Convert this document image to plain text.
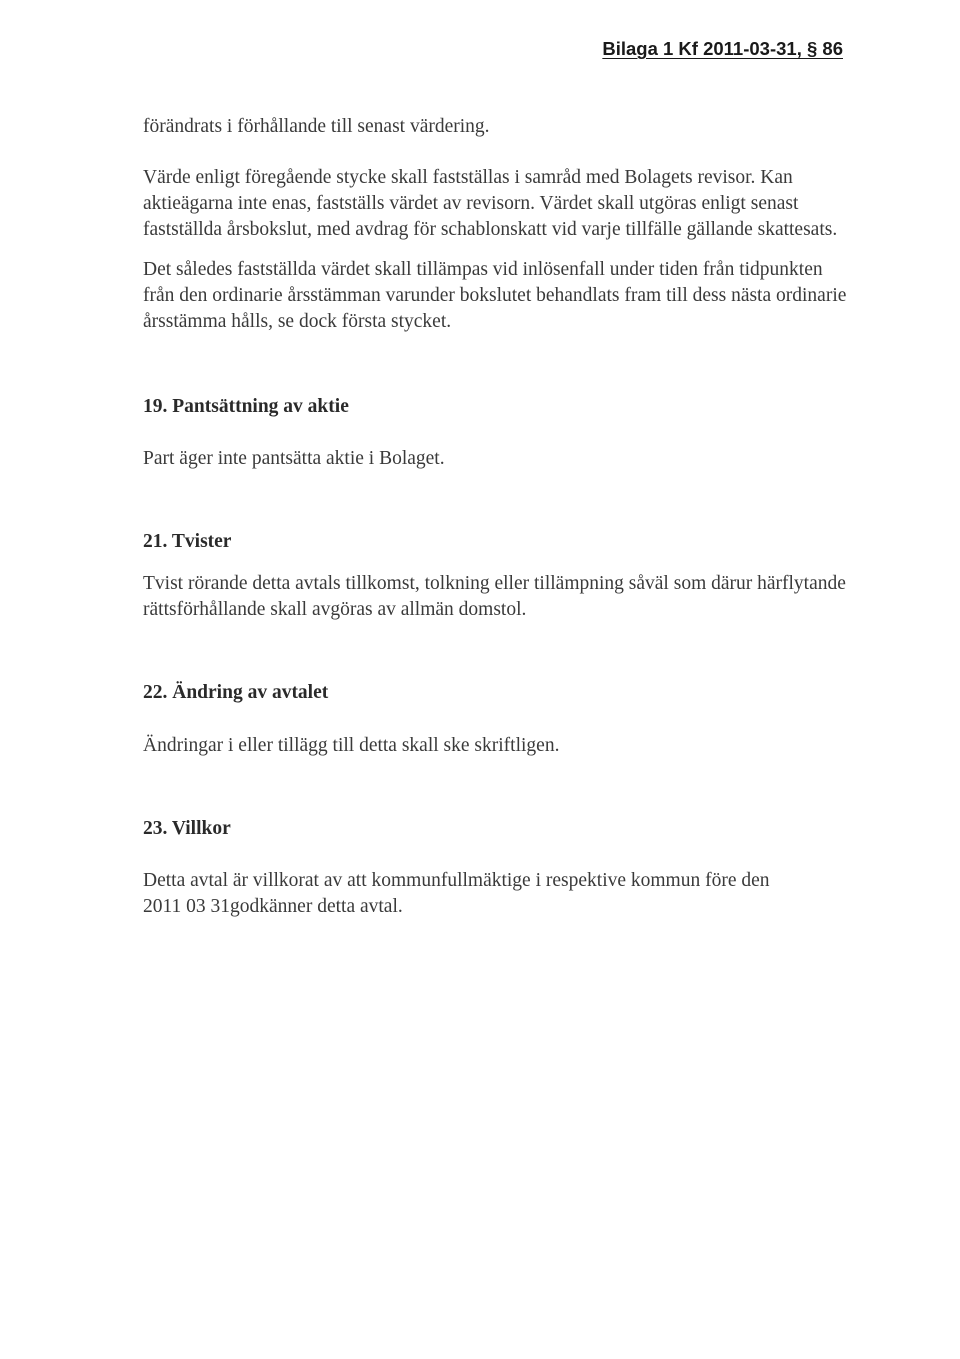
Bilaga 1 Kf 2011-03-31, § 86

förändrats i förhållande till senast värdering.

Värde enligt föregående stycke skall fastställas i samråd med Bolagets revisor. Kan
aktieägarna inte enas, fastställs värdet av revisorn. Värdet skall utgöras enligt senast
fastställda årsbokslut, med avdrag för schablonskatt vid varje tillfälle gällande skattesats.

Det således fastställda värdet skall tillämpas vid inlösenfall under tiden från tidpunkten
från den ordinarie årsstämman varunder bokslutet behandlats fram till dess nästa ordinarie
årsstämma hålls, se dock första stycket.

19. Pantsättning av aktie

Part äger inte pantsätta aktie i Bolaget.

21. Tvister

Tvist rörande detta avtals tillkomst, tolkning eller tillämpning såväl som därur härflytande
rättsförhållande skall avgöras av allmän domstol.

22. Ändring av avtalet

Ändringar i eller tillägg till detta skall ske skriftligen.

23. Villkor

Detta avtal är villkorat av att kommunfullmäktige i respektive kommun före den
2011 03 31godkänner detta avtal.
